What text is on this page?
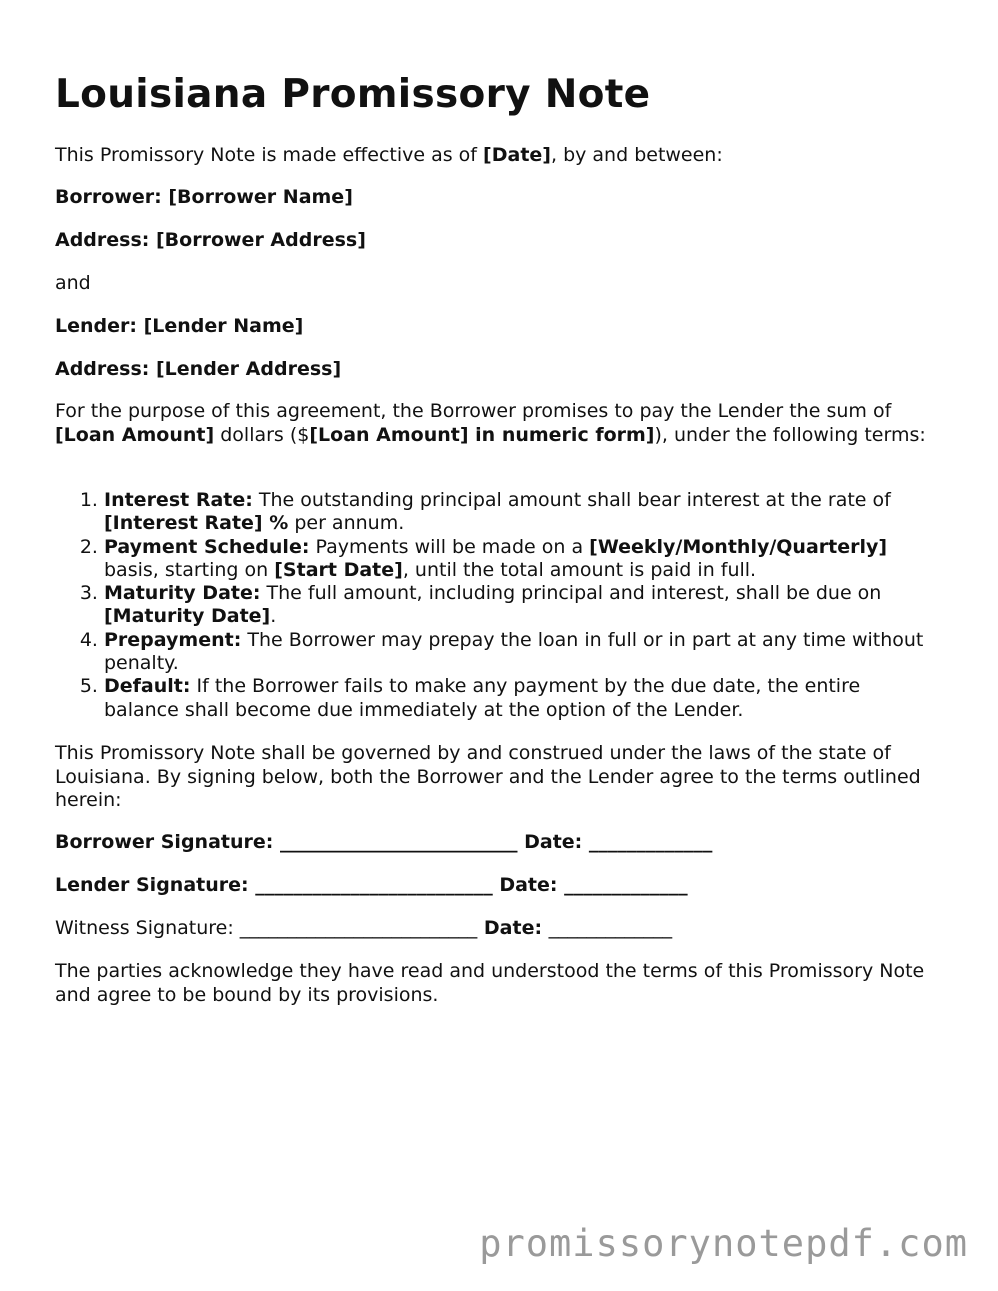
Louisiana Promissory Note

This Promissory Note is made effective as of [Date], by and between:

Borrower: [Borrower Name]

Address: [Borrower Address]

and

Lender: [Lender Name]

Address: [Lender Address]

For the purpose of this agreement, the Borrower promises to pay the Lender the sum of [Loan Amount] dollars ($[Loan Amount] in numeric form]), under the following terms:

1. Interest Rate: The outstanding principal amount shall bear interest at the rate of [Interest Rate] % per annum.
2. Payment Schedule: Payments will be made on a [Weekly/Monthly/Quarterly] basis, starting on [Start Date], until the total amount is paid in full.
3. Maturity Date: The full amount, including principal and interest, shall be due on [Maturity Date].
4. Prepayment: The Borrower may prepay the loan in full or in part at any time without penalty.
5. Default: If the Borrower fails to make any payment by the due date, the entire balance shall become due immediately at the option of the Lender.

This Promissory Note shall be governed by and construed under the laws of the state of Louisiana. By signing below, both the Borrower and the Lender agree to the terms outlined herein:

Borrower Signature: _________________________ Date: _____________

Lender Signature: _________________________ Date: _____________

Witness Signature: _________________________ Date: _____________

The parties acknowledge they have read and understood the terms of this Promissory Note and agree to be bound by its provisions.

promissorynotepdf.com
